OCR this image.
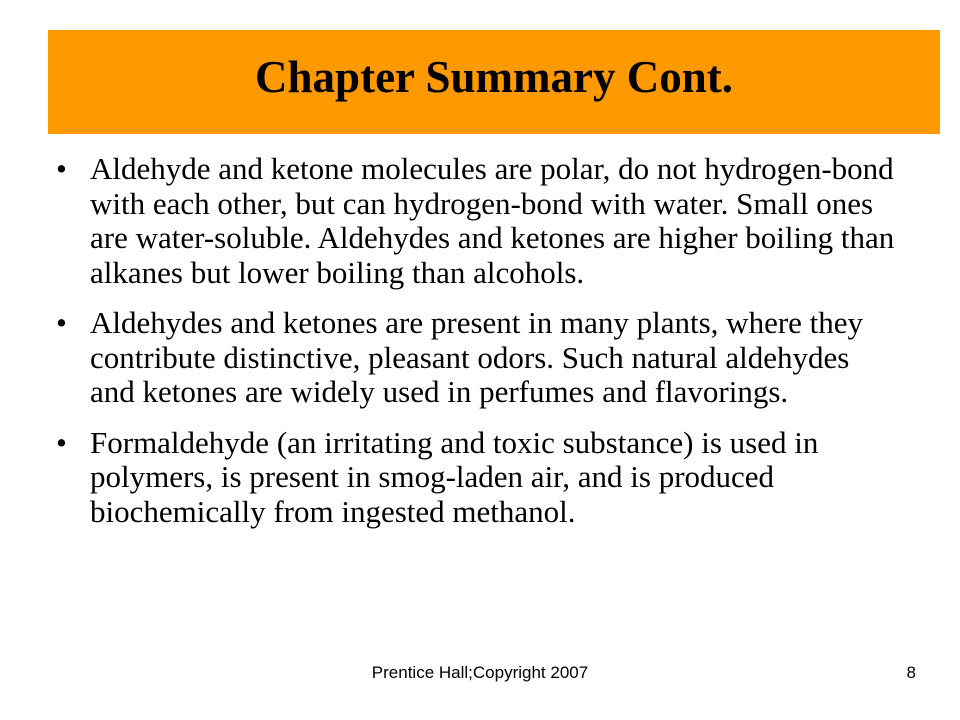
Chapter Summary Cont.
• Aldehyde and ketone molecules are polar, do not hydrogen-bond with each other, but can hydrogen-bond with water. Small ones are water-soluble. Aldehydes and ketones are higher boiling than alkanes but lower boiling than alcohols.
• Aldehydes and ketones are present in many plants, where they contribute distinctive, pleasant odors. Such natural aldehydes and ketones are widely used in perfumes and flavorings.
• Formaldehyde (an irritating and toxic substance) is used in polymers, is present in smog-laden air, and is produced biochemically from ingested methanol.
Prentice Hall;Copyright 2007	8
